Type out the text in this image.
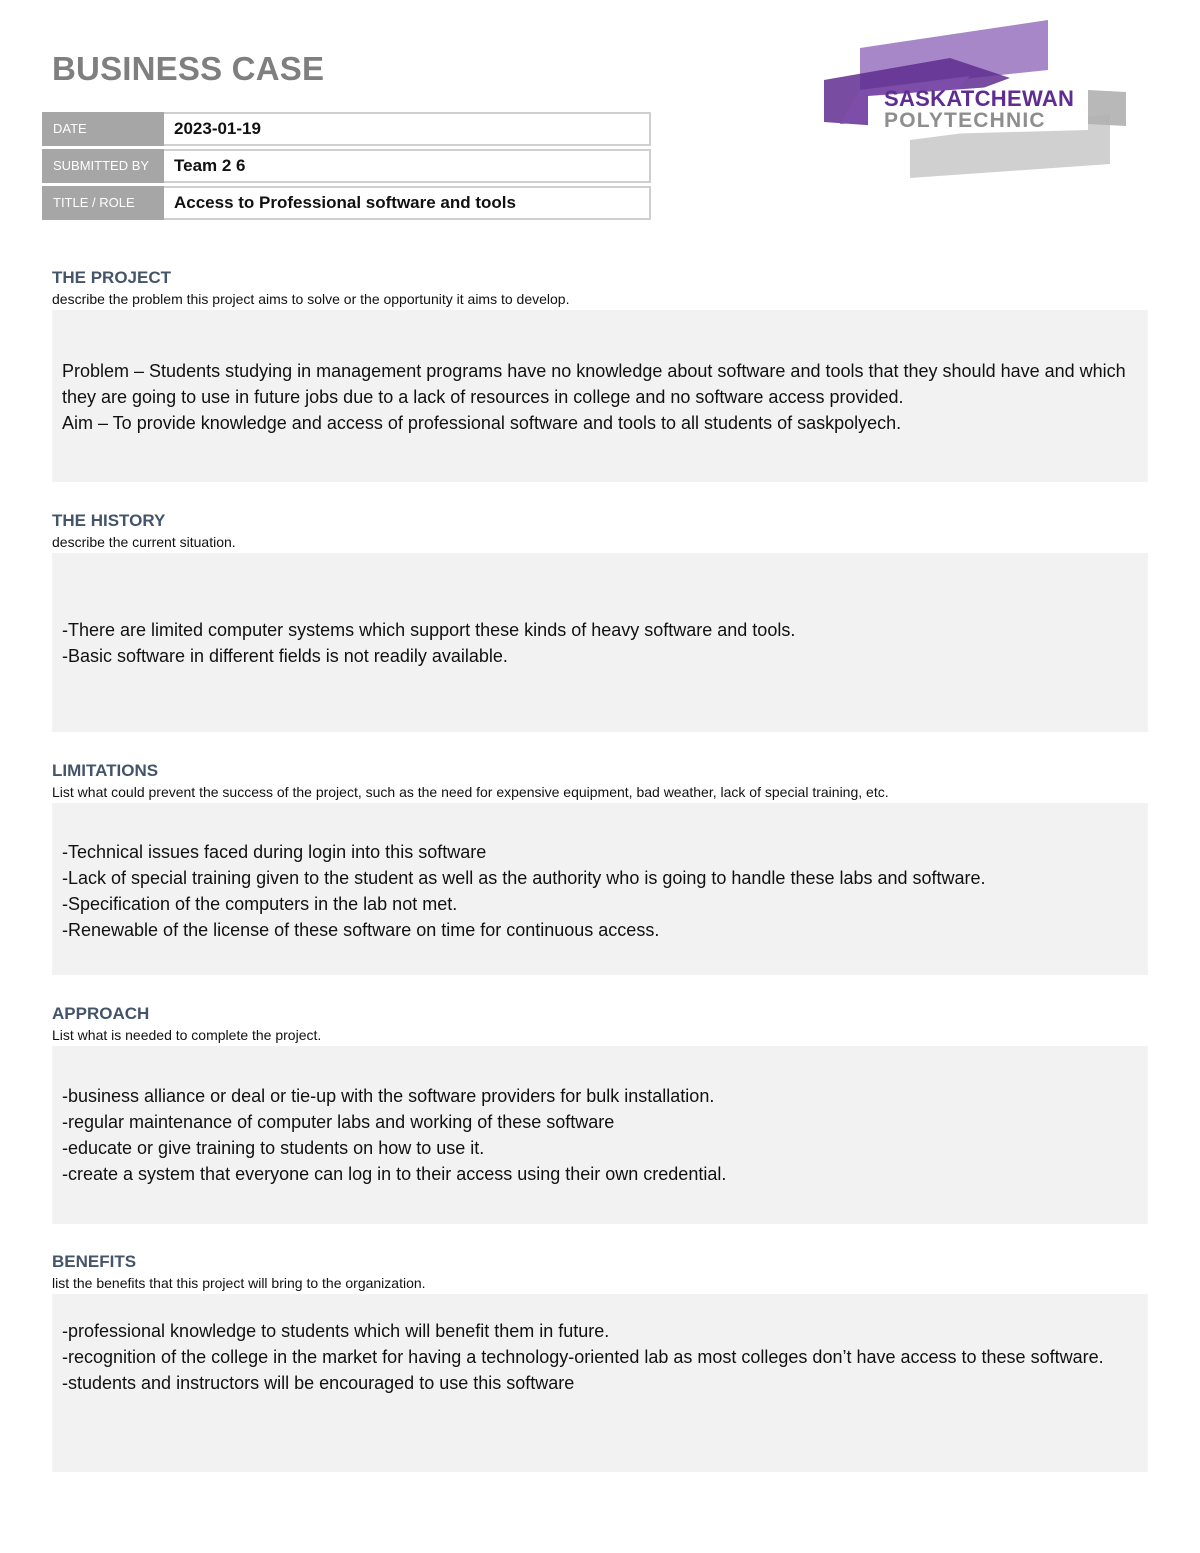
BUSINESS CASE
SASKATCHEWAN
POLYTECHNIC
DATE	2023-01-19
SUBMITTED BY	Team 2 6
TITLE / ROLE	Access to Professional software and tools
THE PROJECT

describe the problem this project aims to solve or the opportunity it aims to develop.

Problem – Students studying in management programs have no knowledge about software and tools that they should have and which they are going to use in future jobs due to a lack of resources in college and no software access provided.

Aim – To provide knowledge and access of professional software and tools to all students of saskpolyech.

THE HISTORY

describe the current situation.

-There are limited computer systems which support these kinds of heavy software and tools.

-Basic software in different fields is not readily available.

LIMITATIONS

List what could prevent the success of the project, such as the need for expensive equipment, bad weather, lack of special training, etc.

-Technical issues faced during login into this software

-Lack of special training given to the student as well as the authority who is going to handle these labs and software.

-Specification of the computers in the lab not met.

-Renewable of the license of these software on time for continuous access.

APPROACH

List what is needed to complete the project.

-business alliance or deal or tie-up with the software providers for bulk installation.

-regular maintenance of computer labs and working of these software

-educate or give training to students on how to use it.

-create a system that everyone can log in to their access using their own credential.

BENEFITS

list the benefits that this project will bring to the organization.

-professional knowledge to students which will benefit them in future.

-recognition of the college in the market for having a technology-oriented lab as most colleges don’t have access to these software.

-students and instructors will be encouraged to use this software
